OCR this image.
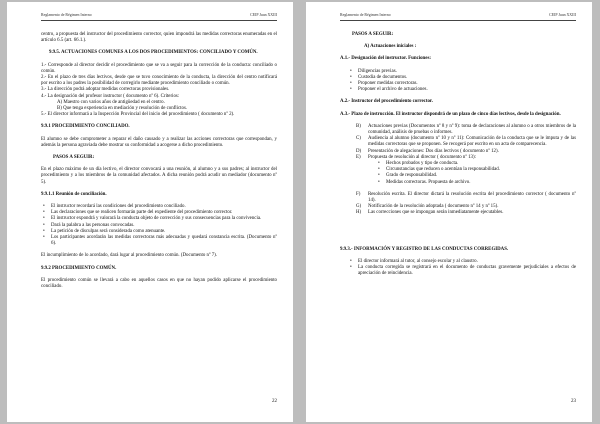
Reglamento de Régimen Interno	CEIP Juan XXIII

centro, a propuesta del instructor del procedimiento corrector, quien impondrá las medidas correctoras enumeradas en el artículo 6.5 (art. 66.1.).

9.9.5. ACTUACIONES COMUNES A LOS DOS PROCEDIMIENTOS: CONCILIADO Y COMÚN.

1.- Corresponde al director decidir el procedimiento que se va a seguir para la corrección de la conducta: conciliado o común.

2.- En el plazo de tres días lectivos, desde que se tuvo conocimiento de la conducta, la dirección del centro notificará por escrito a los padres la posibilidad de corregirlo mediante procedimiento conciliado o común.

3.- La dirección podrá adoptar medidas correctoras provisionales.

4.- La designación del profesor instructor ( documento nº 6). Criterios:

A) Maestro con varios años de antigüedad en el centro.

B) Que tenga experiencia en mediación y resolución de conflictos.

5.- El director informará a la Inspección Provincial del inicio del procedimiento ( documento nº 2).

9.9.1 PROCEDIMIENTO CONCILIADO.

El alumno se debe comprometer a reparar el daño causado y a realizar las acciones correctoras que correspondan, y además la persona agraviada debe mostrar su conformidad a acogerse a dicho procedimiento.

PASOS A SEGUIR:

En el plazo máximo de un día lectivo, el director convocará a una reunión, al alumno y a sus padres; al instructor del procedimiento y a los miembros de la comunidad afectados. A dicha reunión podrá acudir un mediador (documento nº 5).

9.9.1.1 Reunión de conciliación.

• El instructor recordará las condiciones del procedimiento conciliado.
• Las declaraciones que se realicen formarán parte del expediente del procedimiento corrector.
• El instructor expondrá y valorará la conducta objeto de corrección y sus consecuencias para la convivencia.
• Dará la palabra a las personas convocadas.
• La petición de disculpas será considerada como atenuante.
• Los participantes acordarán las medidas correctoras más adecuadas y quedará constancia escrita. (Documento nº 6).

El incumplimiento de lo acordado, dará lugar al procedimiento común. (Documento nº 7).

9.9.2 PROCEDIMIENTO COMÚN.

El procedimiento común se llevará a cabo en aquellos casos en que no hayan podido aplicarse el procedimiento conciliado.

22
Reglamento de Régimen Interno	CEIP Juan XXIII

PASOS A SEGUIR:

A) Actuaciones iniciales :

A.1.- Designación del instructor. Funciones:

• Diligencias previas.
• Custodia de documentos.
• Proponer medidas correctoras.
• Proponer el archivo de actuaciones.

A.2.- Instructor del procedimiento corrector.

A.3.- Plazo de instrucción. El instructor dispondrá de un plazo de cinco días lectivos, desde la designación.

B)	Actuaciones previas (Documentos nº 8 y nº 9): toma de declaraciones al alumno o a otros miembros de la comunidad, análisis de pruebas o informes.
C)	Audiencia al alumno (documento nº 10 y nº 11): Comunicación de la conducta que se le imputa y de las medidas correctoras que se proponen. Se recogerá por escrito en un acta de comparecencia.
D)	Presentación de alegaciones: Dos días lectivos ( documento nº 12).
E)	Propuesta de resolución al director ( documento nº 13):
• Hechos probados y tipo de conducta.
• Circunstancias que reducen o acentúan la responsabilidad.
• Grado de responsabilidad.
• Medidas correctoras. Propuesta de archivo.
F)	Resolución escrita. El director dictará la resolución escrita del procedimiento corrector ( documento nº 14).
G)	Notificación de la resolución adoptada ( documento nº 14 y nº 15).
H)	Las correcciones que se impongan serán inmediatamente ejecutables.

9.9.3.- INFORMACIÓN Y REGISTRO DE LAS CONDUCTAS CORREGIDAS.

• El director informará al tutor, al consejo escolar y al claustro.
• La conducta corregida se registrará en el documento de conductas gravemente perjudiciales a efectos de apreciación de reincidencia.
23
